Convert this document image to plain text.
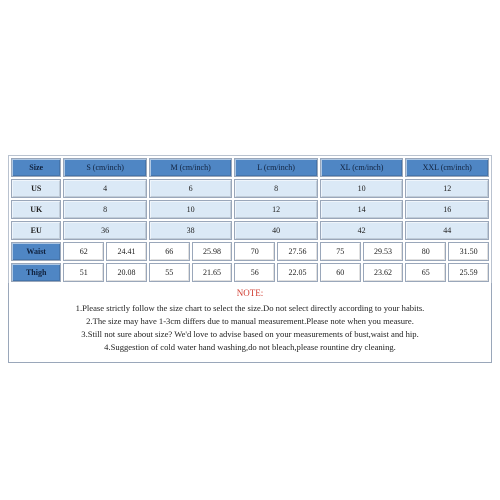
Size	S (cm/inch)		M (cm/inch)		L (cm/inch)		XL (cm/inch)		XXL (cm/inch)	
US	4		6		8		10		12	
UK	8		10		12		14		16	
EU	36		38		40		42		44	
Waist	62	24.41	66	25.98	70	27.56	75	29.53	80	31.50
Thigh	51	20.08	55	21.65	56	22.05	60	23.62	65	25.59
NOTE:
1.Please strictly follow the size chart to select the size.Do not select directly according to your habits.
2.The size may have 1-3cm differs due to manual measurement.Please note when you measure.
3.Still not sure about size? We'd love to advise based on your measurements of bust,waist and hip.
4.Suggestion of cold water hand washing,do not bleach,please rountine dry cleaning.
